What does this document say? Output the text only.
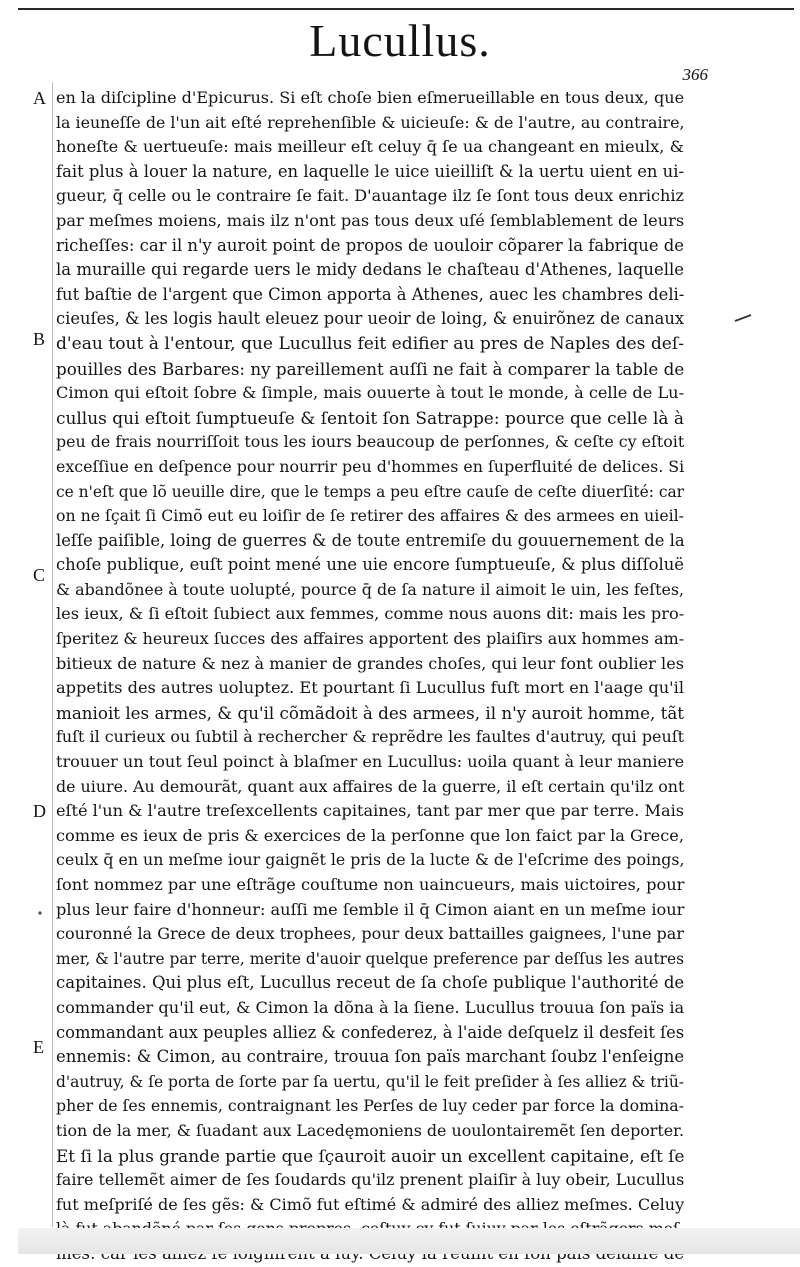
Lucullus.
366
A
B
C
D
E
en la diſcipline d'Epicurus. Si eſt choſe bien eſmerueillable en tous deux, que
la ieuneſſe de l'un ait eſté reprehenſible & uicieuſe: & de l'autre, au contraire,
honeſte & uertueuſe: mais meilleur eſt celuy q̄ ſe ua changeant en mieulx, &
fait plus à louer la nature, en laquelle le uice uieilliſt & la uertu uient en ui-
gueur, q̄ celle ou le contraire ſe fait. D'auantage ilz ſe ſont tous deux enrichiz
par meſmes moiens, mais ilz n'ont pas tous deux uſé ſemblablement de leurs
richeſſes: car il n'y auroit point de propos de uouloir cõparer la fabrique de
la muraille qui regarde uers le midy dedans le chaſteau d'Athenes, laquelle
fut baſtie de l'argent que Cimon apporta à Athenes, auec les chambres deli-
cieuſes, & les logis hault eleuez pour ueoir de loing, & enuirõnez de canaux
d'eau tout à l'entour, que Lucullus feit edifier au pres de Naples des deſ-
pouilles des Barbares: ny pareillement auſſi ne fait à comparer la table de
Cimon qui eſtoit ſobre & ſimple, mais ouuerte à tout le monde, à celle de Lu-
cullus qui eſtoit ſumptueuſe & ſentoit ſon Satrappe: pource que celle là à
peu de frais nourriſſoit tous les iours beaucoup de perſonnes, & ceſte cy eſtoit
exceſſiue en deſpence pour nourrir peu d'hommes en ſuperfluité de delices. Si
ce n'eſt que lõ ueuille dire, que le temps a peu eſtre cauſe de ceſte diuerſité: car
on ne ſçait ſi Cimõ eut eu loiſir de ſe retirer des affaires & des armees en uieil-
leſſe paiſible, loing de guerres & de toute entremiſe du gouuernement de la
choſe publique, euſt point mené une uie encore ſumptueuſe, & plus diſſoluë
& abandõnee à toute uolupté, pource q̄ de ſa nature il aimoit le uin, les feſtes,
les ieux, & ſi eſtoit ſubiect aux femmes, comme nous auons dit: mais les pro-
ſperitez & heureux ſucces des affaires apportent des plaiſirs aux hommes am-
bitieux de nature & nez à manier de grandes choſes, qui leur font oublier les
appetits des autres uoluptez. Et pourtant ſi Lucullus fuſt mort en l'aage qu'il
manioit les armes, & qu'il cõmãdoit à des armees, il n'y auroit homme, tãt
fuſt il curieux ou ſubtil à rechercher & reprẽdre les faultes d'autruy, qui peuſt
trouuer un tout ſeul poinct à blaſmer en Lucullus: uoila quant à leur maniere
de uiure. Au demourãt, quant aux affaires de la guerre, il eſt certain qu'ilz ont
eſté l'un & l'autre treſexcellents capitaines, tant par mer que par terre. Mais
comme es ieux de pris & exercices de la perſonne que lon faict par la Grece,
ceulx q̄ en un meſme iour gaignẽt le pris de la lucte & de l'eſcrime des poings,
ſont nommez par une eſtrãge couſtume non uaincueurs, mais uictoires, pour
plus leur faire d'honneur: auſſi me ſemble il q̄ Cimon aiant en un meſme iour
couronné la Grece de deux trophees, pour deux battailles gaignees, l'une par
mer, & l'autre par terre, merite d'auoir quelque preference par deſſus les autres
capitaines. Qui plus eſt, Lucullus receut de ſa choſe publique l'authorité de
commander qu'il eut, & Cimon la dõna à la ſiene. Lucullus trouua ſon païs ia
commandant aux peuples alliez & confederez, à l'aide deſquelz il desfeit ſes
ennemis: & Cimon, au contraire, trouua ſon païs marchant ſoubz l'enſeigne
d'autruy, & ſe porta de ſorte par ſa uertu, qu'il le feit preſider à ſes alliez & triũ-
pher de ſes ennemis, contraignant les Perſes de luy ceder par force la domina-
tion de la mer, & ſuadant aux Lacedęmoniens de uoulontairemẽt ſen deporter.
Et ſi la plus grande partie que ſçauroit auoir un excellent capitaine, eſt ſe
faire tellemẽt aimer de ſes ſoudards qu'ilz prenent plaiſir à luy obeir, Lucullus
fut meſpriſé de ſes gẽs: & Cimõ fut eſtimé & admiré des alliez meſmes. Celuy
